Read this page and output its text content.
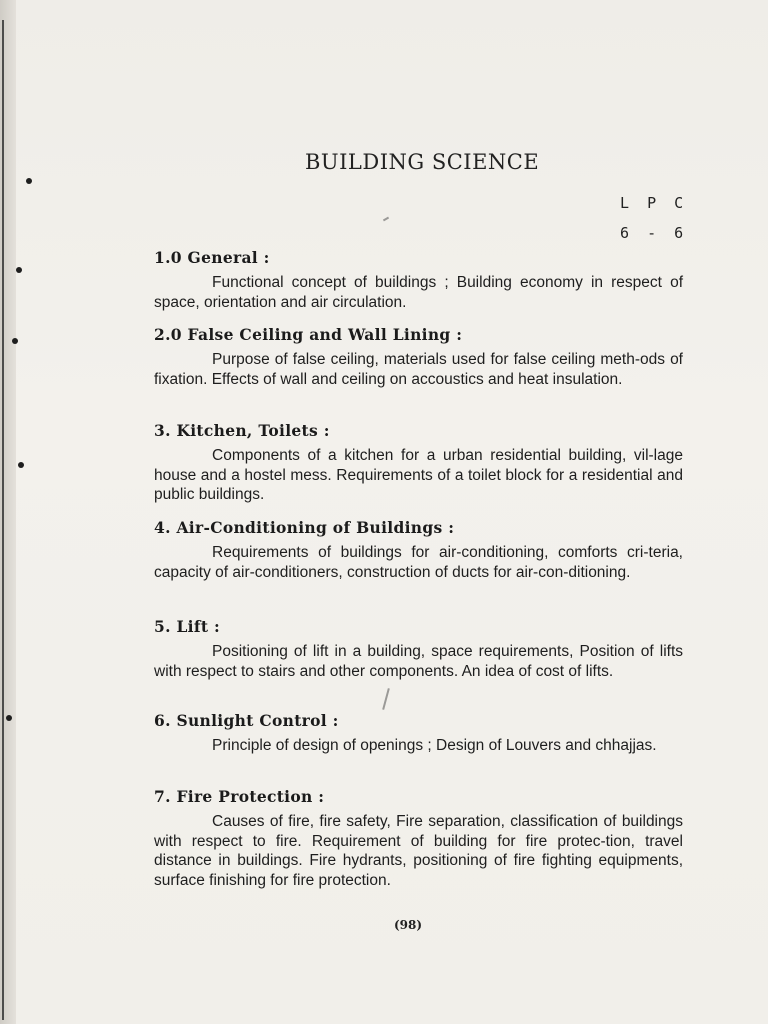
BUILDING SCIENCE
L  P  C
6  -  6
1.0 General :
Functional concept of buildings ; Building economy in respect of space, orientation and air circulation.
2.0 False Ceiling and Wall Lining :
Purpose of false ceiling, materials used for false ceiling meth-ods of fixation. Effects of wall and ceiling on accoustics and heat insulation.
3. Kitchen, Toilets :
Components of a kitchen for a urban residential building, vil-lage house and a hostel mess. Requirements of a toilet block for a residential and public buildings.
4. Air-Conditioning of Buildings :
Requirements of buildings for air-conditioning, comforts cri-teria, capacity of air-conditioners, construction of ducts for air-con-ditioning.
5. Lift :
Positioning of lift in a building, space requirements, Position of lifts with respect to stairs and other components. An idea of cost of lifts.
6. Sunlight Control :
Principle of design of openings ; Design of Louvers and chhajjas.
7. Fire Protection :
Causes of fire, fire safety, Fire separation, classification of buildings with respect to fire. Requirement of building for fire protec-tion, travel distance in buildings. Fire hydrants, positioning of fire fighting equipments, surface finishing for fire protection.
(98)
